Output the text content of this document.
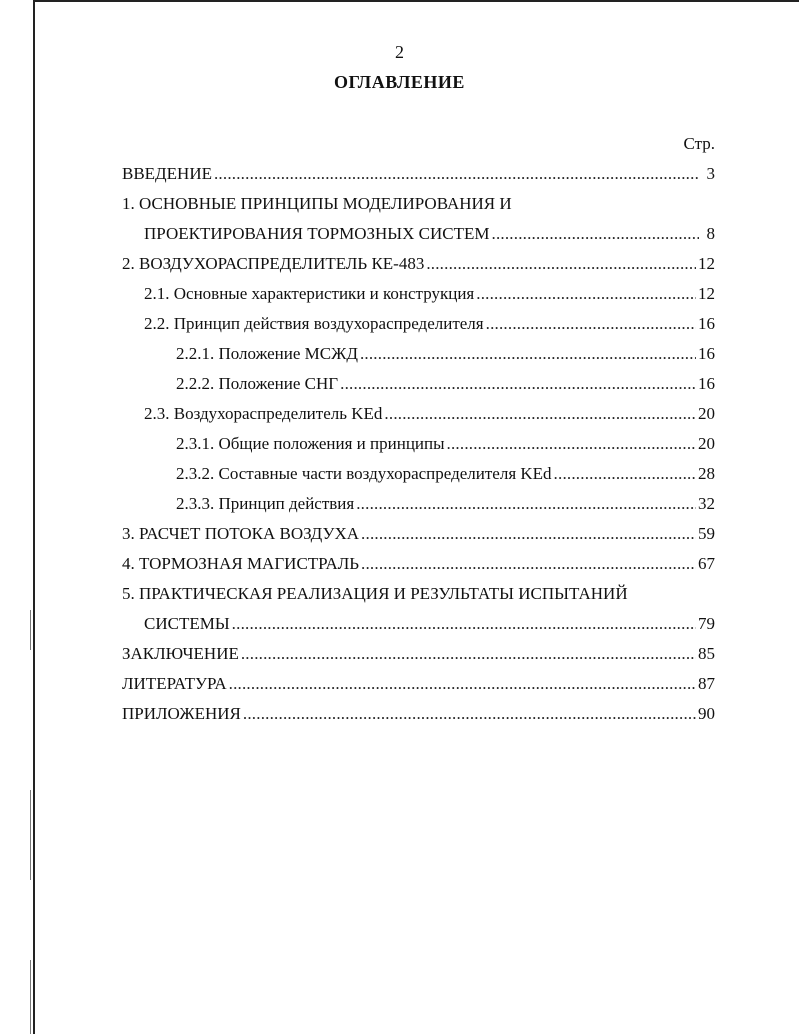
2
ОГЛАВЛЕНИЕ
Стр.
ВВЕДЕНИЕ .....	3
1. ОСНОВНЫЕ ПРИНЦИПЫ МОДЕЛИРОВАНИЯ И
ПРОЕКТИРОВАНИЯ ТОРМОЗНЫХ СИСТЕМ .....	8
2. ВОЗДУХОРАСПРЕДЕЛИТЕЛЬ КЕ-483 .....	12
2.1. Основные характеристики и конструкция .....	12
2.2. Принцип действия воздухораспределителя .....	16
2.2.1. Положение МСЖД .....	16
2.2.2. Положение СНГ .....	16
2.3. Воздухораспределитель KEd .....	20
2.3.1. Общие положения и принципы .....	20
2.3.2. Составные части воздухораспределителя KEd .....	28
2.3.3. Принцип действия .....	32
3. РАСЧЕТ ПОТОКА ВОЗДУХА .....	59
4. ТОРМОЗНАЯ МАГИСТРАЛЬ .....	67
5. ПРАКТИЧЕСКАЯ РЕАЛИЗАЦИЯ И РЕЗУЛЬТАТЫ ИСПЫТАНИЙ
СИСТЕМЫ .....	79
ЗАКЛЮЧЕНИЕ .....	85
ЛИТЕРАТУРА .....	87
ПРИЛОЖЕНИЯ .....	90
